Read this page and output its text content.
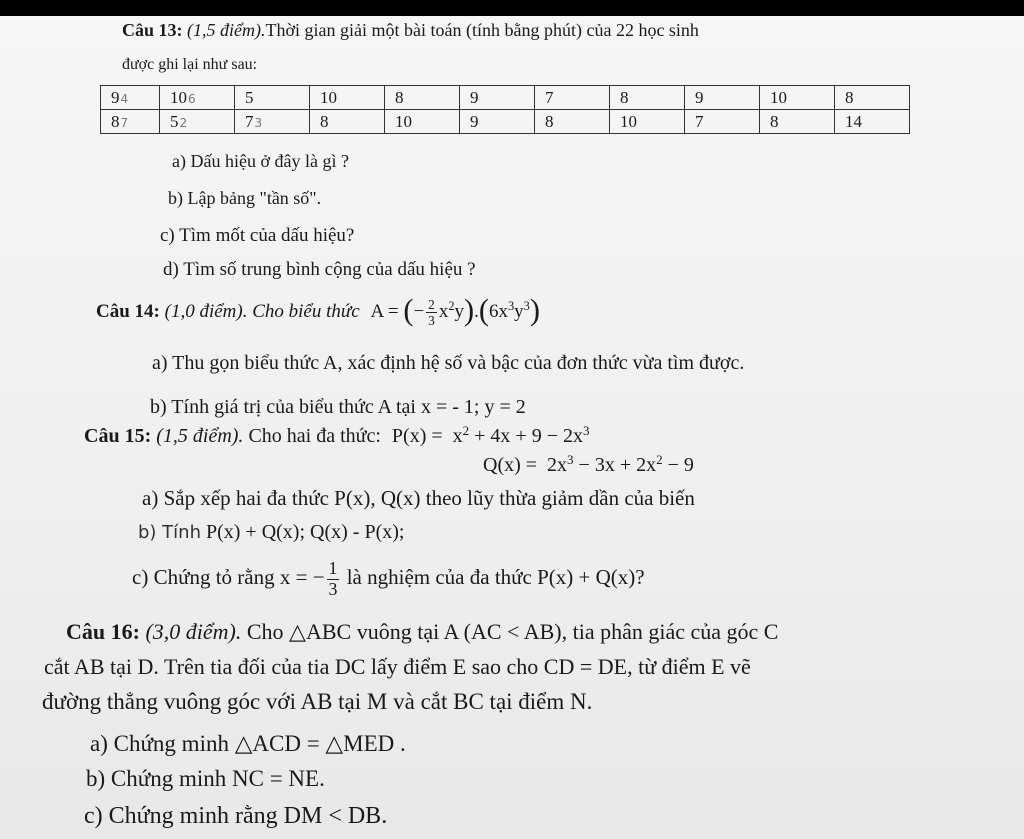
Câu 13: (1,5 điểm).Thời gian giải một bài toán (tính bằng phút) của 22 học sinh
được ghi lại như sau:
94	106	5	10	8	9	7	8	9	10	8
87	52	73	8	10	9	8	10	7	8	14
a) Dấu hiệu ở đây là gì ?
b) Lập bảng "tần số".
c) Tìm mốt của dấu hiệu?
d) Tìm số trung bình cộng của dấu hiệu ?
Câu 14: (1,0 điểm). Cho biểu thức A = (− $\frac{2}{3} x^2y).(6x^3y^3)$
a) Thu gọn biểu thức A, xác định hệ số và bậc của đơn thức vừa tìm được.
b) Tính giá trị của biểu thức A tại x = - 1; y = 2
Câu 15: (1,5 điểm). Cho hai đa thức: $P(x) = x^2 + 4x + 9 - 2x^3$
$Q(x) = 2x^3 - 3x + 2x^2 - 9$
a) Sắp xếp hai đa thức P(x), Q(x) theo lũy thừa giảm dần của biến
b) Tính P(x) + Q(x); Q(x) - P(x);
c) Chứng tỏ rằng x = − $\frac{1}{3}$ là nghiệm của đa thức P(x) + Q(x)?
Câu 16: (3,0 điểm). Cho △ABC vuông tại A (AC < AB), tia phân giác của góc C
cắt AB tại D. Trên tia đối của tia DC lấy điểm E sao cho CD = DE, từ điểm E vẽ
đường thẳng vuông góc với AB tại M và cắt BC tại điểm N.
a) Chứng minh △ACD = △MED .
b) Chứng minh NC = NE.
c) Chứng minh rằng DM < DB.
